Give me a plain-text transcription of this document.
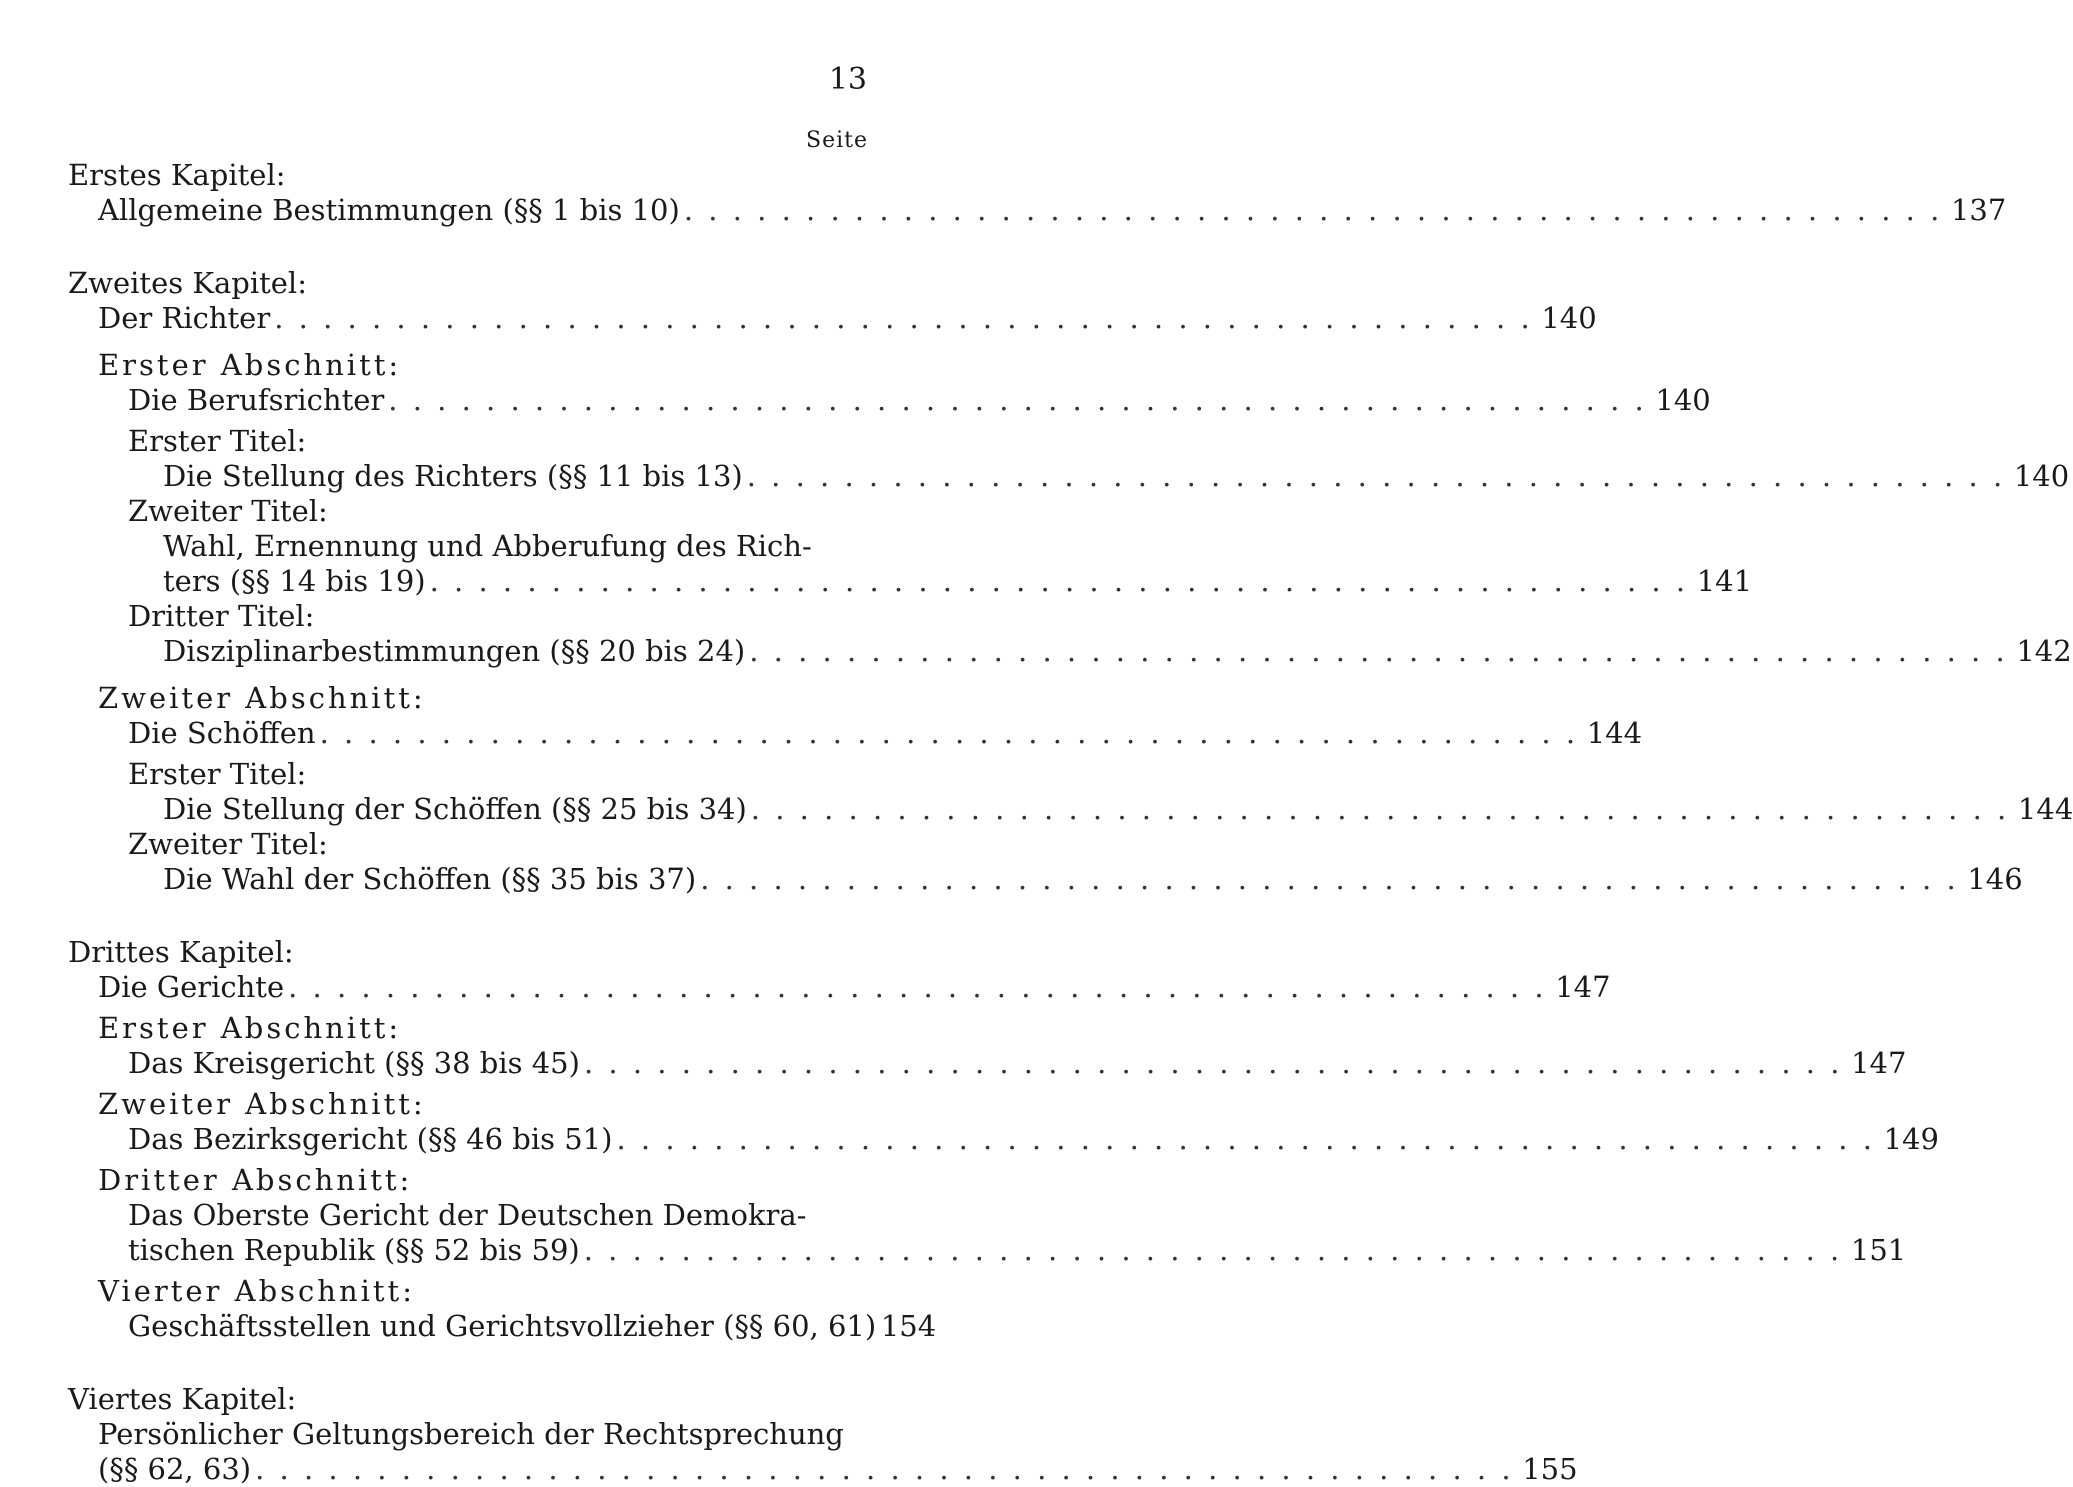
13
Seite
Erstes Kapitel:
Allgemeine Bestimmungen (§§ 1 bis 10) . . . . . . . . . . . . . . . . . . . . . . . . . . . . . . . . . . . . . . . . . . . . . . . . . . . . 137
Zweites Kapitel:
Der Richter . . . . . . . . . . . . . . . . . . . . . . . . . . . . . . . . . . . . . . . . . . . . . . . . . . . . 140
Erster Abschnitt:
Die Berufsrichter . . . . . . . . . . . . . . . . . . . . . . . . . . . . . . . . . . . . . . . . . . . . . . . . . . . . 140
Erster Titel:
Die Stellung des Richters (§§ 11 bis 13) . . . . . . . . . . . . . . . . . . . . . . . . . . . . . . . . . . . . . . . . . . . . . . . . . . . . 140
Zweiter Titel:
Wahl, Ernennung und Abberufung des Rich-
ters (§§ 14 bis 19) . . . . . . . . . . . . . . . . . . . . . . . . . . . . . . . . . . . . . . . . . . . . . . . . . . . . 141
Dritter Titel:
Disziplinarbestimmungen (§§ 20 bis 24) . . . . . . . . . . . . . . . . . . . . . . . . . . . . . . . . . . . . . . . . . . . . . . . . . . . . 142
Zweiter Abschnitt:
Die Schöffen . . . . . . . . . . . . . . . . . . . . . . . . . . . . . . . . . . . . . . . . . . . . . . . . . . . . 144
Erster Titel:
Die Stellung der Schöffen (§§ 25 bis 34) . . . . . . . . . . . . . . . . . . . . . . . . . . . . . . . . . . . . . . . . . . . . . . . . . . . . 144
Zweiter Titel:
Die Wahl der Schöffen (§§ 35 bis 37) . . . . . . . . . . . . . . . . . . . . . . . . . . . . . . . . . . . . . . . . . . . . . . . . . . . . 146
Drittes Kapitel:
Die Gerichte . . . . . . . . . . . . . . . . . . . . . . . . . . . . . . . . . . . . . . . . . . . . . . . . . . . . 147
Erster Abschnitt:
Das Kreisgericht (§§ 38 bis 45) . . . . . . . . . . . . . . . . . . . . . . . . . . . . . . . . . . . . . . . . . . . . . . . . . . . . 147
Zweiter Abschnitt:
Das Bezirksgericht (§§ 46 bis 51) . . . . . . . . . . . . . . . . . . . . . . . . . . . . . . . . . . . . . . . . . . . . . . . . . . . . 149
Dritter Abschnitt:
Das Oberste Gericht der Deutschen Demokra-
tischen Republik (§§ 52 bis 59) . . . . . . . . . . . . . . . . . . . . . . . . . . . . . . . . . . . . . . . . . . . . . . . . . . . . 151
Vierter Abschnitt:
Geschäftsstellen und Gerichtsvollzieher (§§ 60, 61) 154
Viertes Kapitel:
Persönlicher Geltungsbereich der Rechtsprechung
(§§ 62, 63) . . . . . . . . . . . . . . . . . . . . . . . . . . . . . . . . . . . . . . . . . . . . . . . . . . . . 155
